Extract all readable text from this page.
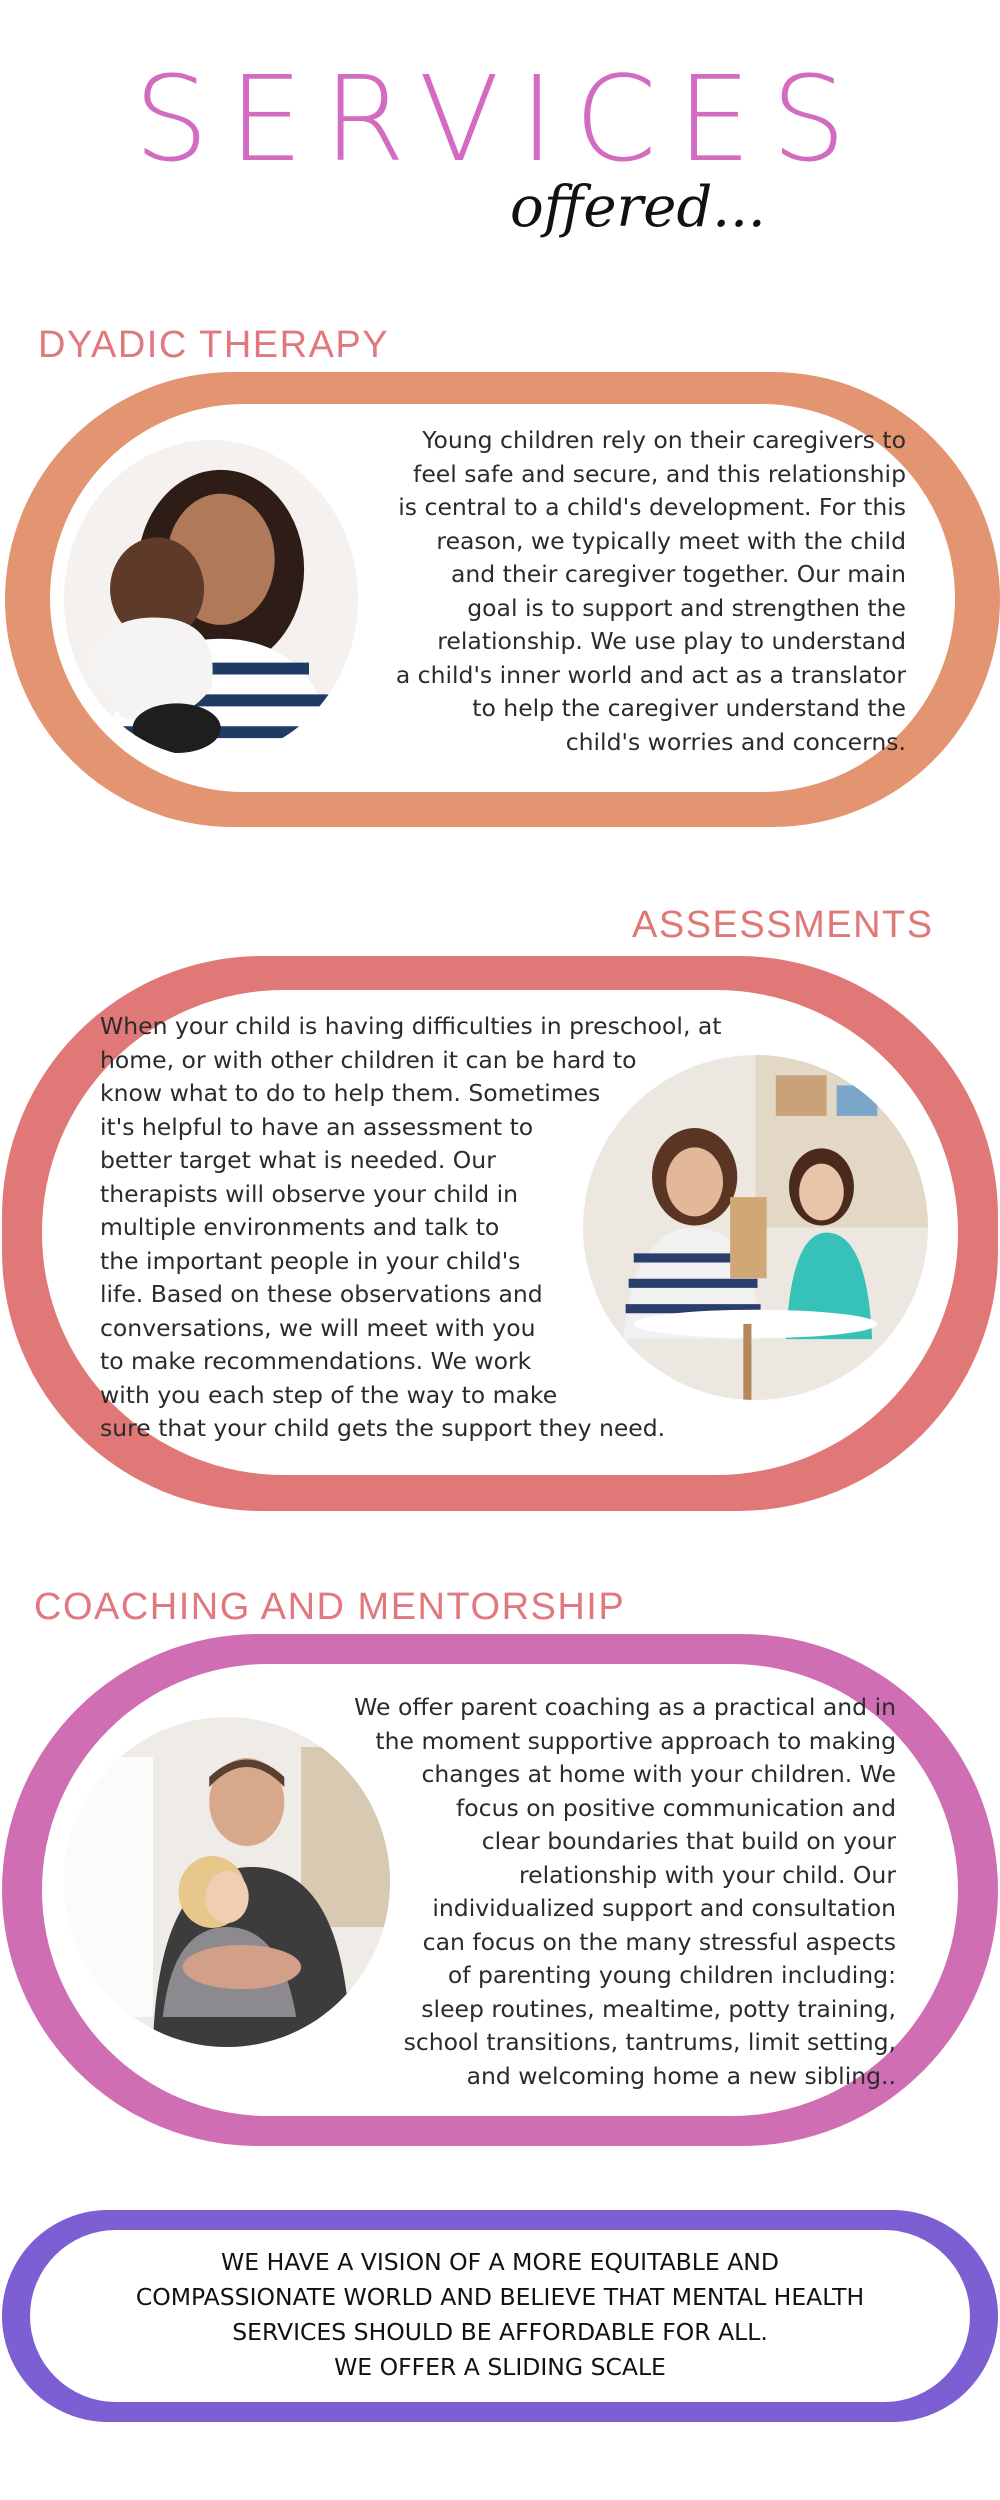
SERVICES
offered...
DYADIC THERAPY
Young children rely on their caregivers to
feel safe and secure, and this relationship
is central to a child's development. For this
reason, we typically meet with the child
and their caregiver together. Our main
goal is to support and strengthen the
relationship. We use play to understand
a child's inner world and act as a translator
to help the caregiver understand the
child's worries and concerns.
ASSESSMENTS
When your child is having difficulties in preschool, at
home, or with other children it can be hard to
know what to do to help them. Sometimes
it's helpful to have an assessment to
better target what is needed. Our
therapists will observe your child in
multiple environments and talk to
the important people in your child's
life. Based on these observations and
conversations, we will meet with you
to make recommendations. We work
with you each step of the way to make
sure that your child gets the support they need.
COACHING AND MENTORSHIP
We offer parent coaching as a practical and in
the moment supportive approach to making
changes at home with your children. We
focus on positive communication and
clear boundaries that build on your
relationship with your child. Our
individualized support and consultation
can focus on the many stressful aspects
of parenting young children including:
sleep routines, mealtime, potty training,
school transitions, tantrums, limit setting,
and welcoming home a new sibling..
WE HAVE A VISION OF A MORE EQUITABLE AND
COMPASSIONATE WORLD AND BELIEVE THAT MENTAL HEALTH
SERVICES SHOULD BE AFFORDABLE FOR ALL.
WE OFFER A SLIDING SCALE
